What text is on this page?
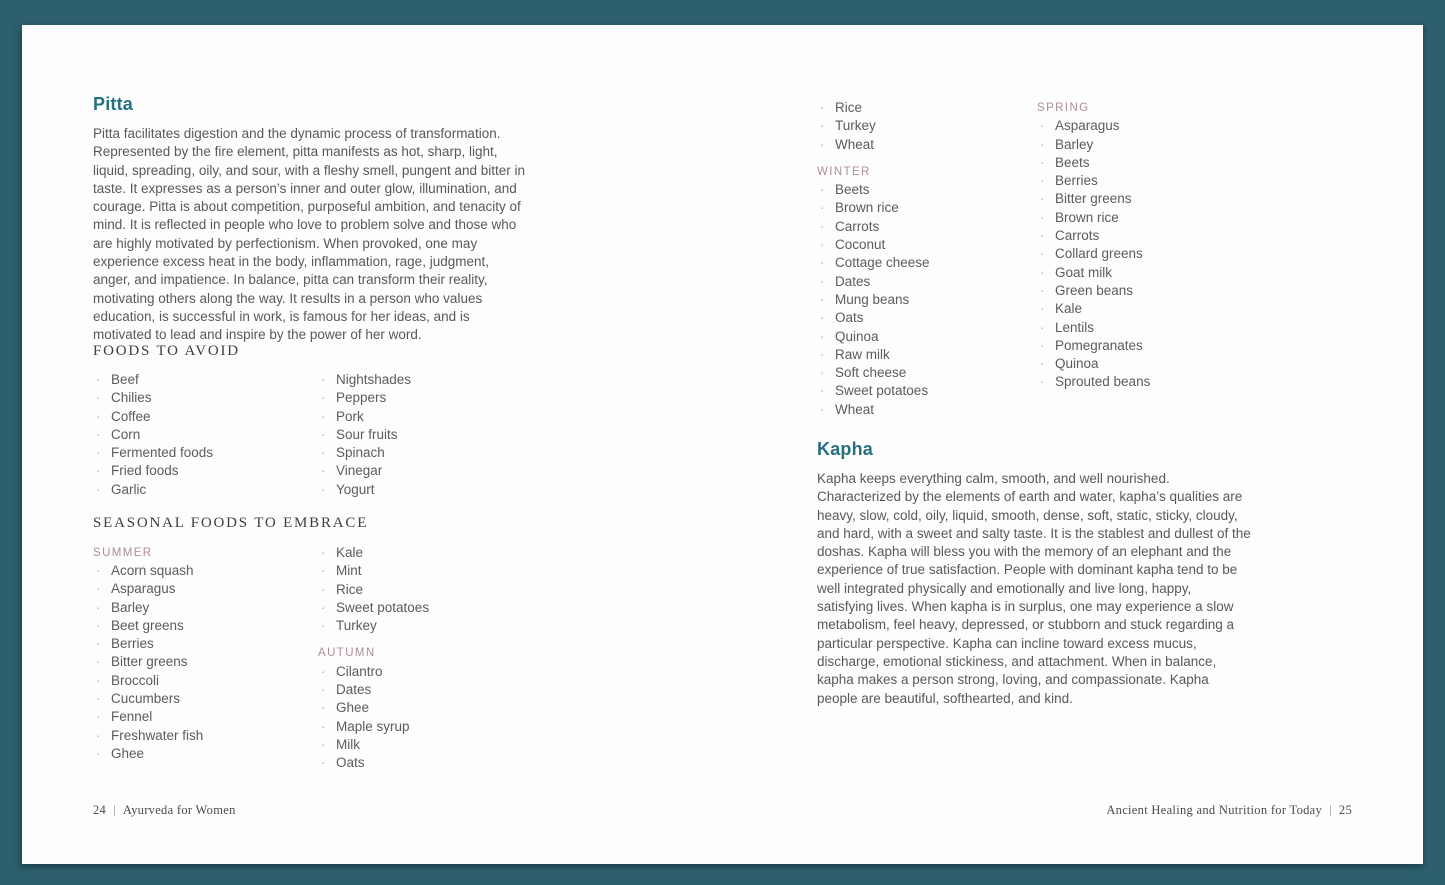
Pitta

Pitta facilitates digestion and the dynamic process of transformation. Represented by the fire element, pitta manifests as hot, sharp, light, liquid, spreading, oily, and sour, with a fleshy smell, pungent and bitter in taste. It expresses as a person’s inner and outer glow, illumination, and courage. Pitta is about competition, purposeful ambition, and tenacity of mind. It is reflected in people who love to problem solve and those who are highly motivated by perfectionism. When provoked, one may experience excess heat in the body, inflammation, rage, judgment, anger, and impatience. In balance, pitta can transform their reality, motivating others along the way. It results in a person who values education, is successful in work, is famous for her ideas, and is motivated to lead and inspire by the power of her word.

FOODS TO AVOID
· Beef
· Chilies
· Coffee
· Corn
· Fermented foods
· Fried foods
· Garlic
· Nightshades
· Peppers
· Pork
· Sour fruits
· Spinach
· Vinegar
· Yogurt
SEASONAL FOODS TO EMBRACE
SUMMER
· Acorn squash
· Asparagus
· Barley
· Beet greens
· Berries
· Bitter greens
· Broccoli
· Cucumbers
· Fennel
· Freshwater fish
· Ghee
· Kale
· Mint
· Rice
· Sweet potatoes
· Turkey
AUTUMN
· Cilantro
· Dates
· Ghee
· Maple syrup
· Milk
· Oats
24 | Ayurveda for Women
· Rice
· Turkey
· Wheat
WINTER
· Beets
· Brown rice
· Carrots
· Coconut
· Cottage cheese
· Dates
· Mung beans
· Oats
· Quinoa
· Raw milk
· Soft cheese
· Sweet potatoes
· Wheat
SPRING
· Asparagus
· Barley
· Beets
· Berries
· Bitter greens
· Brown rice
· Carrots
· Collard greens
· Goat milk
· Green beans
· Kale
· Lentils
· Pomegranates
· Quinoa
· Sprouted beans
Kapha

Kapha keeps everything calm, smooth, and well nourished. Characterized by the elements of earth and water, kapha’s qualities are heavy, slow, cold, oily, liquid, smooth, dense, soft, static, sticky, cloudy, and hard, with a sweet and salty taste. It is the stablest and dullest of the doshas. Kapha will bless you with the memory of an elephant and the experience of true satisfaction. People with dominant kapha tend to be well integrated physically and emotionally and live long, happy, satisfying lives. When kapha is in surplus, one may experience a slow metabolism, feel heavy, depressed, or stubborn and stuck regarding a particular perspective. Kapha can incline toward excess mucus, discharge, emotional stickiness, and attachment. When in balance, kapha makes a person strong, loving, and compassionate. Kapha people are beautiful, softhearted, and kind.

Ancient Healing and Nutrition for Today | 25
